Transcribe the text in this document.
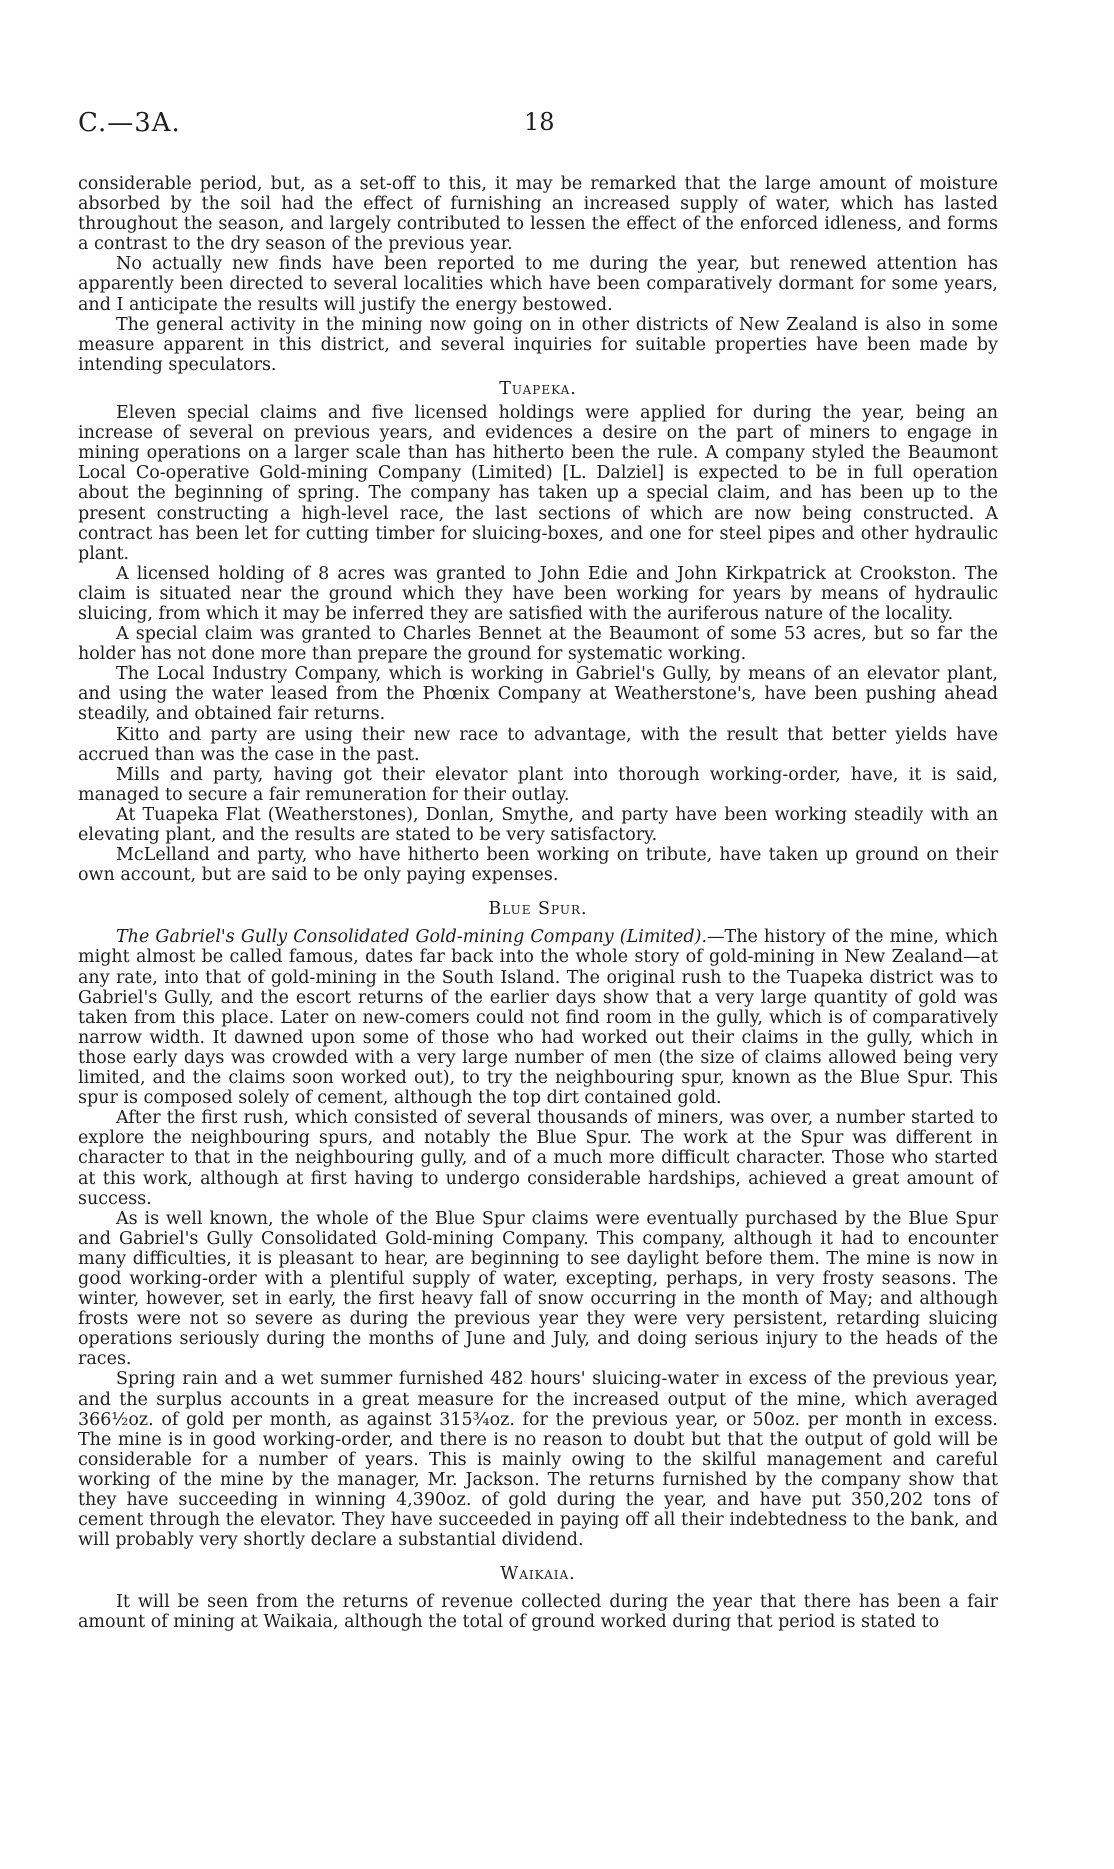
C.—3A.	18

considerable period, but, as a set-off to this, it may be remarked that the large amount of moisture absorbed by the soil had the effect of furnishing an increased supply of water, which has lasted throughout the season, and largely contributed to lessen the effect of the enforced idleness, and forms a contrast to the dry season of the previous year.

No actually new finds have been reported to me during the year, but renewed attention has apparently been directed to several localities which have been comparatively dormant for some years, and I anticipate the results will justify the energy bestowed.

The general activity in the mining now going on in other districts of New Zealand is also in some measure apparent in this district, and several inquiries for suitable properties have been made by intending speculators.

Tuapeka.

Eleven special claims and five licensed holdings were applied for during the year, being an increase of several on previous years, and evidences a desire on the part of miners to engage in mining operations on a larger scale than has hitherto been the rule. A company styled the Beaumont Local Co-operative Gold-mining Company (Limited) [L. Dalziel] is expected to be in full operation about the beginning of spring. The company has taken up a special claim, and has been up to the present constructing a high-level race, the last sections of which are now being constructed. A contract has been let for cutting timber for sluicing-boxes, and one for steel pipes and other hydraulic plant.

A licensed holding of 8 acres was granted to John Edie and John Kirkpatrick at Crookston. The claim is situated near the ground which they have been working for years by means of hydraulic sluicing, from which it may be inferred they are satisfied with the auriferous nature of the locality.

A special claim was granted to Charles Bennet at the Beaumont of some 53 acres, but so far the holder has not done more than prepare the ground for systematic working.

The Local Industry Company, which is working in Gabriel's Gully, by means of an elevator plant, and using the water leased from the Phœnix Company at Weatherstone's, have been pushing ahead steadily, and obtained fair returns.

Kitto and party are using their new race to advantage, with the result that better yields have accrued than was the case in the past.

Mills and party, having got their elevator plant into thorough working-order, have, it is said, managed to secure a fair remuneration for their outlay.

At Tuapeka Flat (Weatherstones), Donlan, Smythe, and party have been working steadily with an elevating plant, and the results are stated to be very satisfactory.

McLelland and party, who have hitherto been working on tribute, have taken up ground on their own account, but are said to be only paying expenses.

Blue Spur.

The Gabriel's Gully Consolidated Gold-mining Company (Limited).—The history of the mine, which might almost be called famous, dates far back into the whole story of gold-mining in New Zealand—at any rate, into that of gold-mining in the South Island. The original rush to the Tuapeka district was to Gabriel's Gully, and the escort returns of the earlier days show that a very large quantity of gold was taken from this place. Later on new-comers could not find room in the gully, which is of comparatively narrow width. It dawned upon some of those who had worked out their claims in the gully, which in those early days was crowded with a very large number of men (the size of claims allowed being very limited, and the claims soon worked out), to try the neighbouring spur, known as the Blue Spur. This spur is composed solely of cement, although the top dirt contained gold.

After the first rush, which consisted of several thousands of miners, was over, a number started to explore the neighbouring spurs, and notably the Blue Spur. The work at the Spur was different in character to that in the neighbouring gully, and of a much more difficult character. Those who started at this work, although at first having to undergo considerable hardships, achieved a great amount of success.

As is well known, the whole of the Blue Spur claims were eventually purchased by the Blue Spur and Gabriel's Gully Consolidated Gold-mining Company. This company, although it had to encounter many difficulties, it is pleasant to hear, are beginning to see daylight before them. The mine is now in good working-order with a plentiful supply of water, excepting, perhaps, in very frosty seasons. The winter, however, set in early, the first heavy fall of snow occurring in the month of May; and although frosts were not so severe as during the previous year they were very persistent, retarding sluicing operations seriously during the months of June and July, and doing serious injury to the heads of the races.

Spring rain and a wet summer furnished 482 hours' sluicing-water in excess of the previous year, and the surplus accounts in a great measure for the increased output of the mine, which averaged 366½oz. of gold per month, as against 315¾oz. for the previous year, or 50oz. per month in excess. The mine is in good working-order, and there is no reason to doubt but that the output of gold will be considerable for a number of years. This is mainly owing to the skilful management and careful working of the mine by the manager, Mr. Jackson. The returns furnished by the company show that they have succeeding in winning 4,390oz. of gold during the year, and have put 350,202 tons of cement through the elevator. They have succeeded in paying off all their indebtedness to the bank, and will probably very shortly declare a substantial dividend.

Waikaia.

It will be seen from the returns of revenue collected during the year that there has been a fair amount of mining at Waikaia, although the total of ground worked during that period is stated to
